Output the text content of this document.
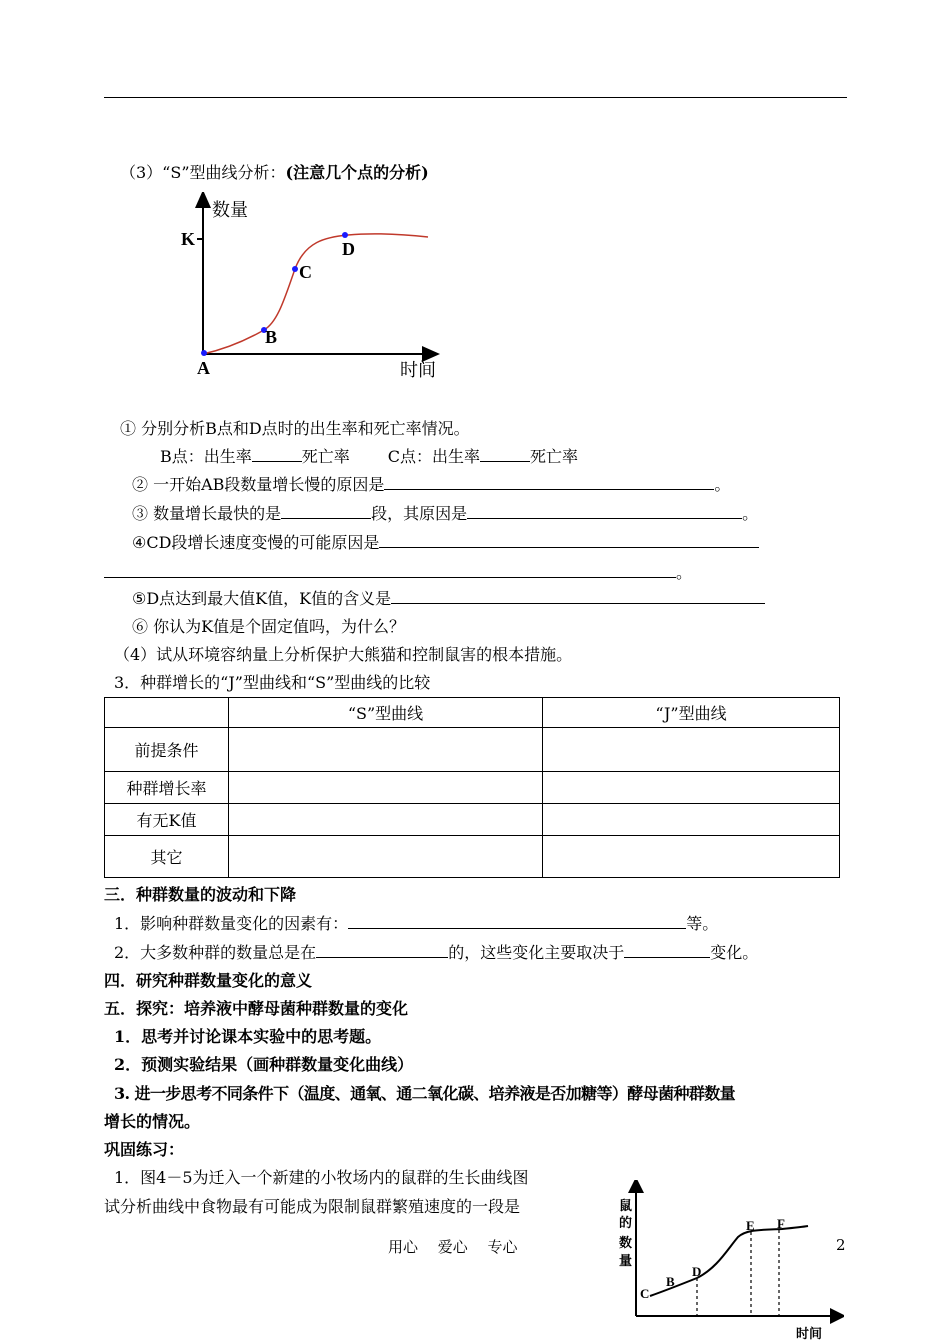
（3）“S”型曲线分析：(注意几个点的分析)
数量
时间
K
A
B
C
D
① 分别分析B点和D点时的出生率和死亡率情况。
B点：出生率	死亡率 C点：出生率	死亡率
② 一开始AB段数量增长慢的原因是	。
③ 数量增长最快的是	段，其原因是	。
④CD段增长速度变慢的可能原因是
。
⑤D点达到最大值K值，K值的含义是
⑥ 你认为K值是个固定值吗，为什么？
（4）试从环境容纳量上分析保护大熊猫和控制鼠害的根本措施。
3．种群增长的“J”型曲线和“S”型曲线的比较
	“S”型曲线	“J”型曲线
前提条件		
种群增长率		
有无K值		
其它		
三．种群数量的波动和下降
1．影响种群数量变化的因素有：	等。
2．大多数种群的数量总是在	的，这些变化主要取决于	变化。
四．研究种群数量变化的意义
五．探究：培养液中酵母菌种群数量的变化
1．思考并讨论课本实验中的思考题。
2．预测实验结果（画种群数量变化曲线）
3. 进一步思考不同条件下（温度、通氧、通二氧化碳、培养液是否加糖等）酵母菌种群数量
增长的情况。
巩固练习：
1．图4－5为迁入一个新建的小牧场内的鼠群的生长曲线图
试分析曲线中食物最有可能成为限制鼠群繁殖速度的一段是	鼠
的
数
量
时间
C
B
D
E F
用心　 爱心　 专心	2
